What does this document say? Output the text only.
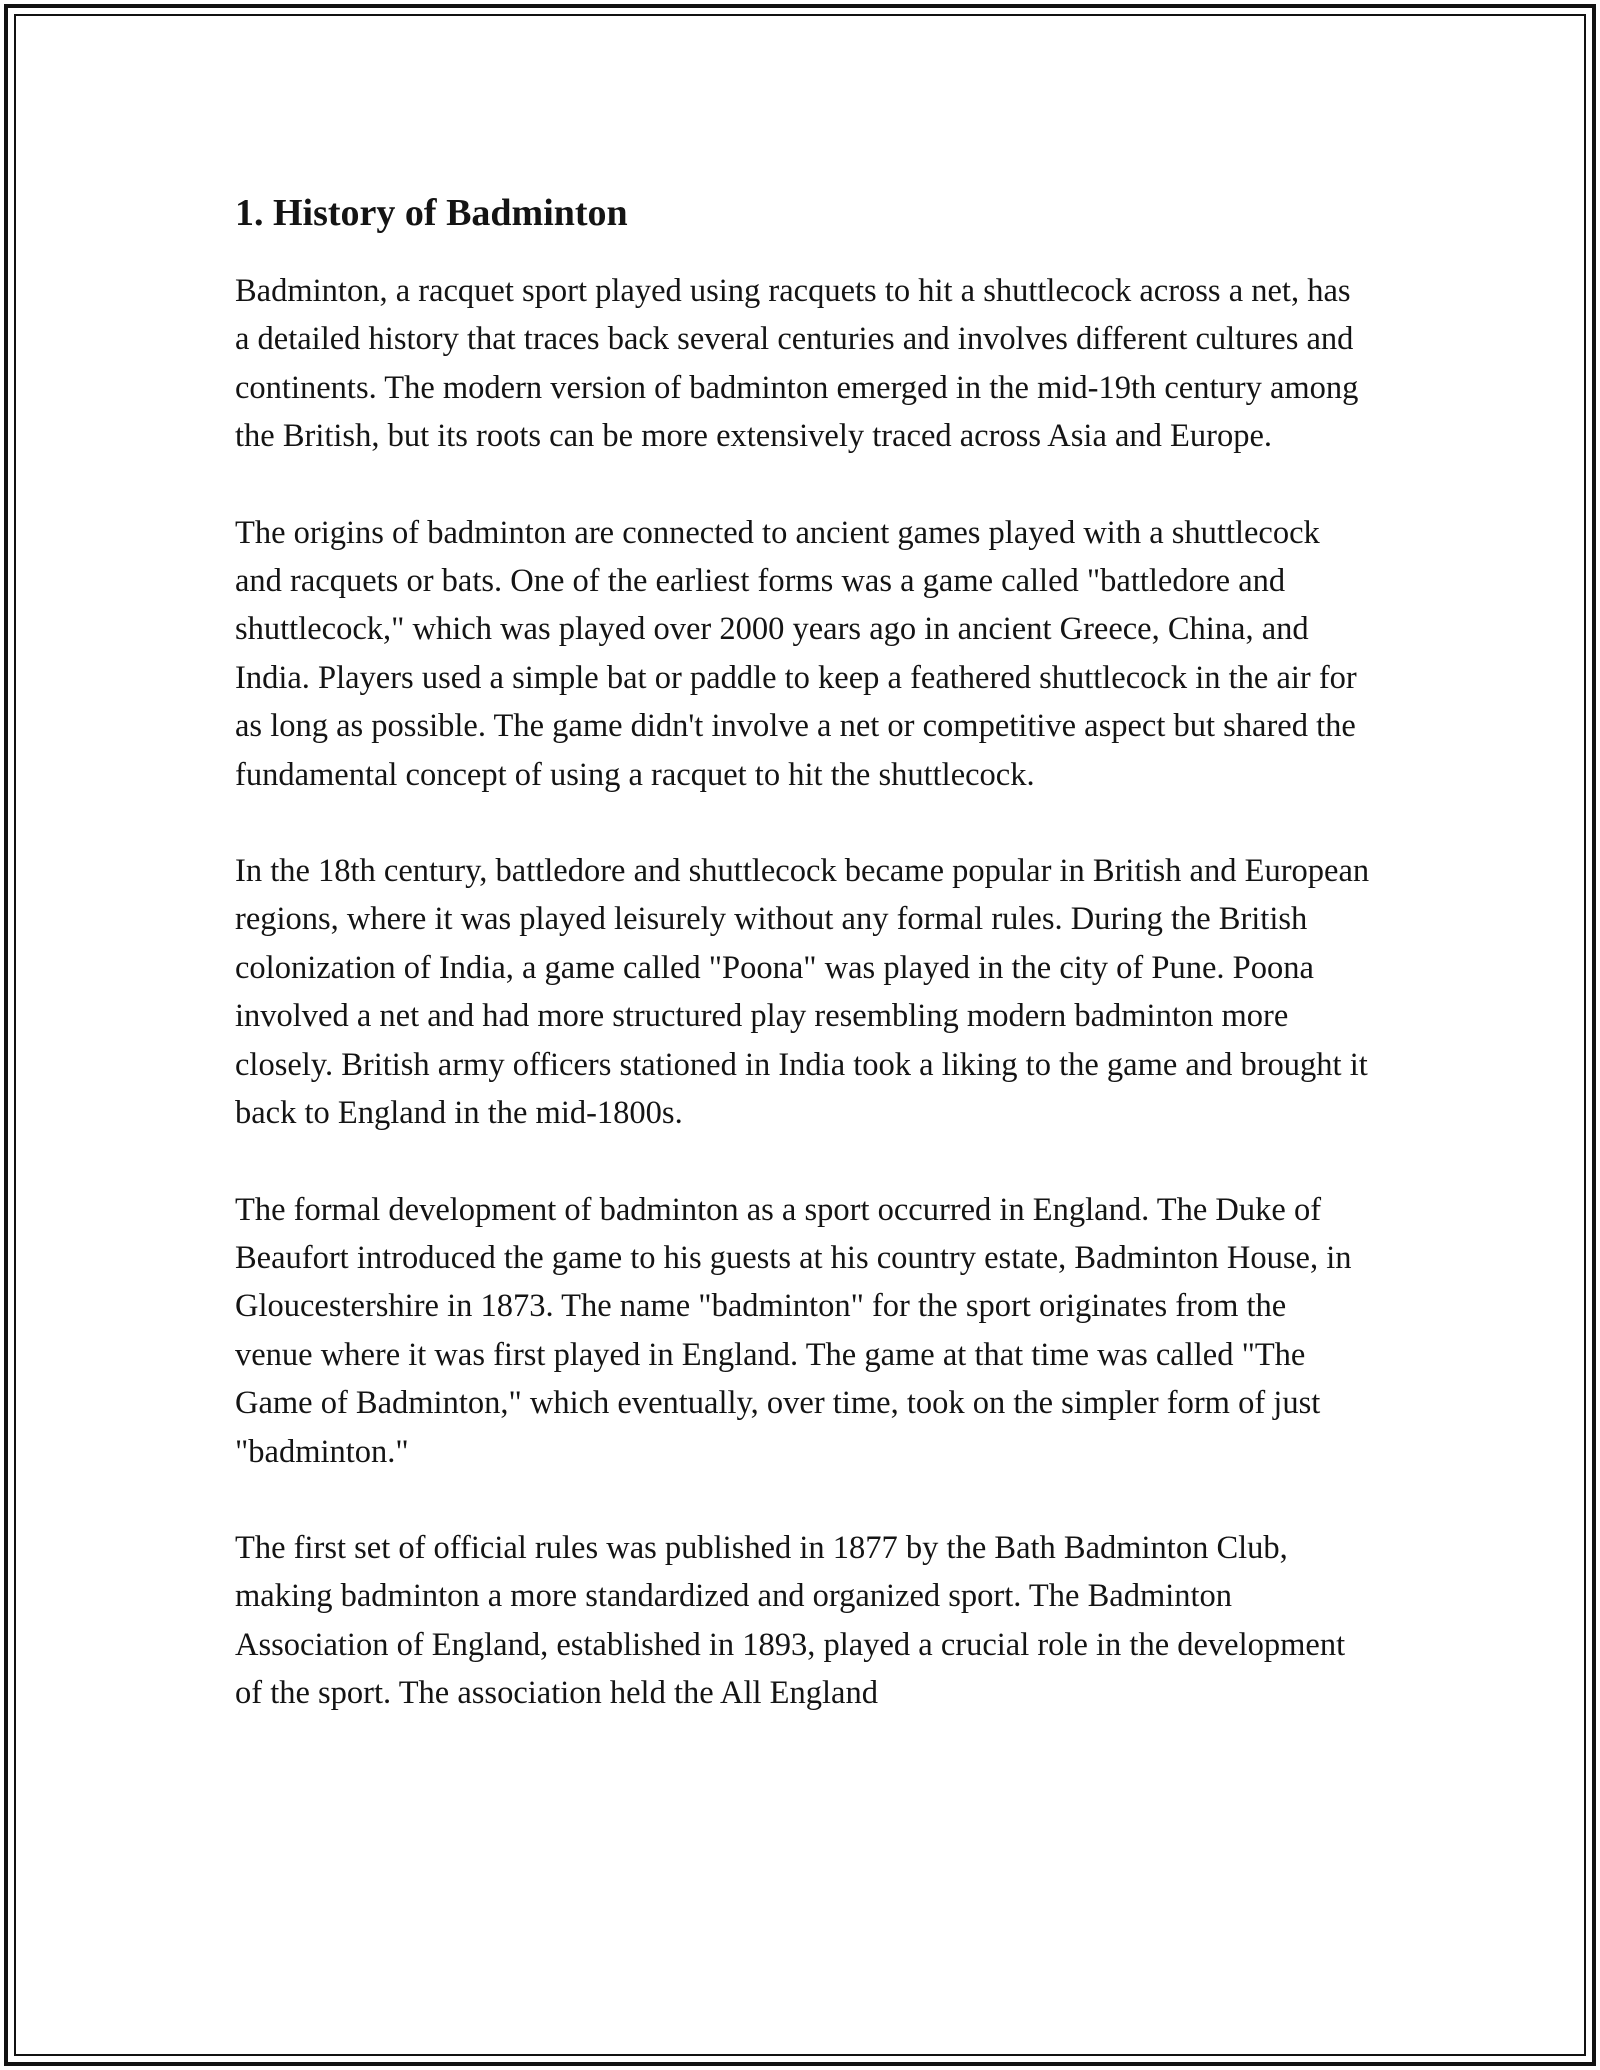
1. History of Badminton

Badminton, a racquet sport played using racquets to hit a shuttlecock across a net, has a detailed history that traces back several centuries and involves different cultures and continents. The modern version of badminton emerged in the mid-19th century among the British, but its roots can be more extensively traced across Asia and Europe.

The origins of badminton are connected to ancient games played with a shuttlecock and racquets or bats. One of the earliest forms was a game called "battledore and shuttlecock," which was played over 2000 years ago in ancient Greece, China, and India. Players used a simple bat or paddle to keep a feathered shuttlecock in the air for as long as possible. The game didn't involve a net or competitive aspect but shared the fundamental concept of using a racquet to hit the shuttlecock.

In the 18th century, battledore and shuttlecock became popular in British and European regions, where it was played leisurely without any formal rules. During the British colonization of India, a game called "Poona" was played in the city of Pune. Poona involved a net and had more structured play resembling modern badminton more closely. British army officers stationed in India took a liking to the game and brought it back to England in the mid-1800s.

The formal development of badminton as a sport occurred in England. The Duke of Beaufort introduced the game to his guests at his country estate, Badminton House, in Gloucestershire in 1873. The name "badminton" for the sport originates from the venue where it was first played in England. The game at that time was called "The Game of Badminton," which eventually, over time, took on the simpler form of just "badminton."

The first set of official rules was published in 1877 by the Bath Badminton Club, making badminton a more standardized and organized sport. The Badminton Association of England, established in 1893, played a crucial role in the development of the sport. The association held the All England
